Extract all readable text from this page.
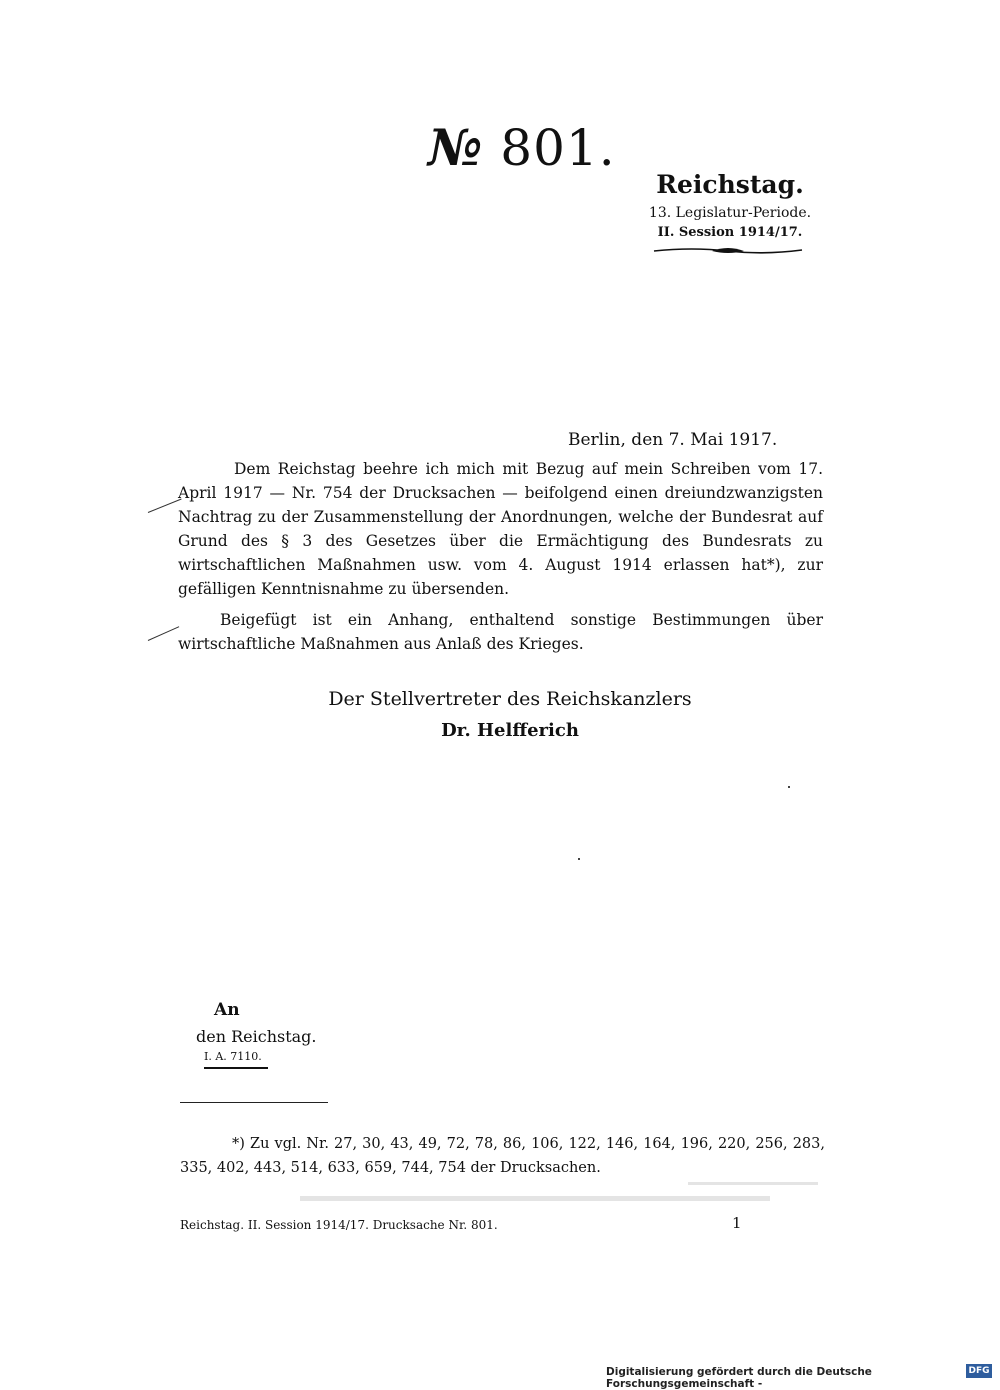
№ 801.
Reichstag.
13. Legislatur-Periode.
II. Session 1914/17.
Berlin, den 7. Mai 1917.
Dem Reichstag beehre ich mich mit Bezug auf mein Schreiben vom 17. April 1917 — Nr. 754 der Drucksachen — beifolgend einen dreiundzwanzigsten Nachtrag zu der Zusammenstellung der Anordnungen, welche der Bundesrat auf Grund des § 3 des Gesetzes über die Ermächtigung des Bundesrats zu wirtschaftlichen Maßnahmen usw. vom 4. August 1914 erlassen hat*), zur gefälligen Kenntnisnahme zu übersenden.
Beigefügt ist ein Anhang, enthaltend sonstige Bestimmungen über wirtschaftliche Maßnahmen aus Anlaß des Krieges.
Der Stellvertreter des Reichskanzlers
Dr. Helfferich
An
den Reichstag.
I. A. 7110.
*) Zu vgl. Nr. 27, 30, 43, 49, 72, 78, 86, 106, 122, 146, 164, 196, 220, 256, 283, 335, 402, 443, 514, 633, 659, 744, 754 der Drucksachen.
Reichstag. II. Session 1914/17. Drucksache Nr. 801.	1
Digitalisierung gefördert durch die Deutsche Forschungsgemeinschaft -
DFG
